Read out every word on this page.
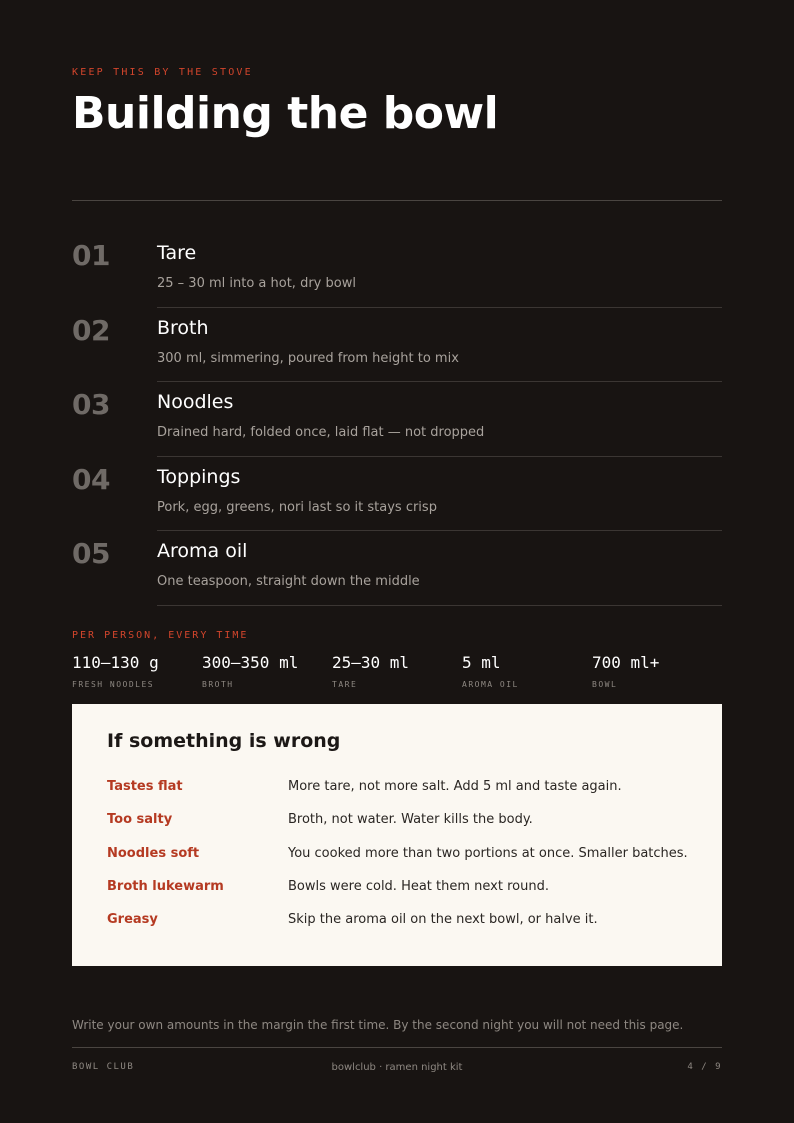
KEEP THIS BY THE STOVE
Building the bowl
01 Tare
25 – 30 ml into a hot, dry bowl
02 Broth
300 ml, simmering, poured from height to mix
03 Noodles
Drained hard, folded once, laid flat — not dropped
04 Toppings
Pork, egg, greens, nori last so it stays crisp
05 Aroma oil
One teaspoon, straight down the middle
PER PERSON, EVERY TIME
110–130 g
FRESH NOODLES
300–350 ml
BROTH
25–30 ml
TARE
5 ml
AROMA OIL
700 ml+
BOWL
If something is wrong
Tastes flat	More tare, not more salt. Add 5 ml and taste again.
Too salty	Broth, not water. Water kills the body.
Noodles soft	You cooked more than two portions at once. Smaller batches.
Broth lukewarm	Bowls were cold. Heat them next round.
Greasy	Skip the aroma oil on the next bowl, or halve it.
Write your own amounts in the margin the first time. By the second night you will not need this page.
BOWL CLUB	bowlclub · ramen night kit	4 / 9
